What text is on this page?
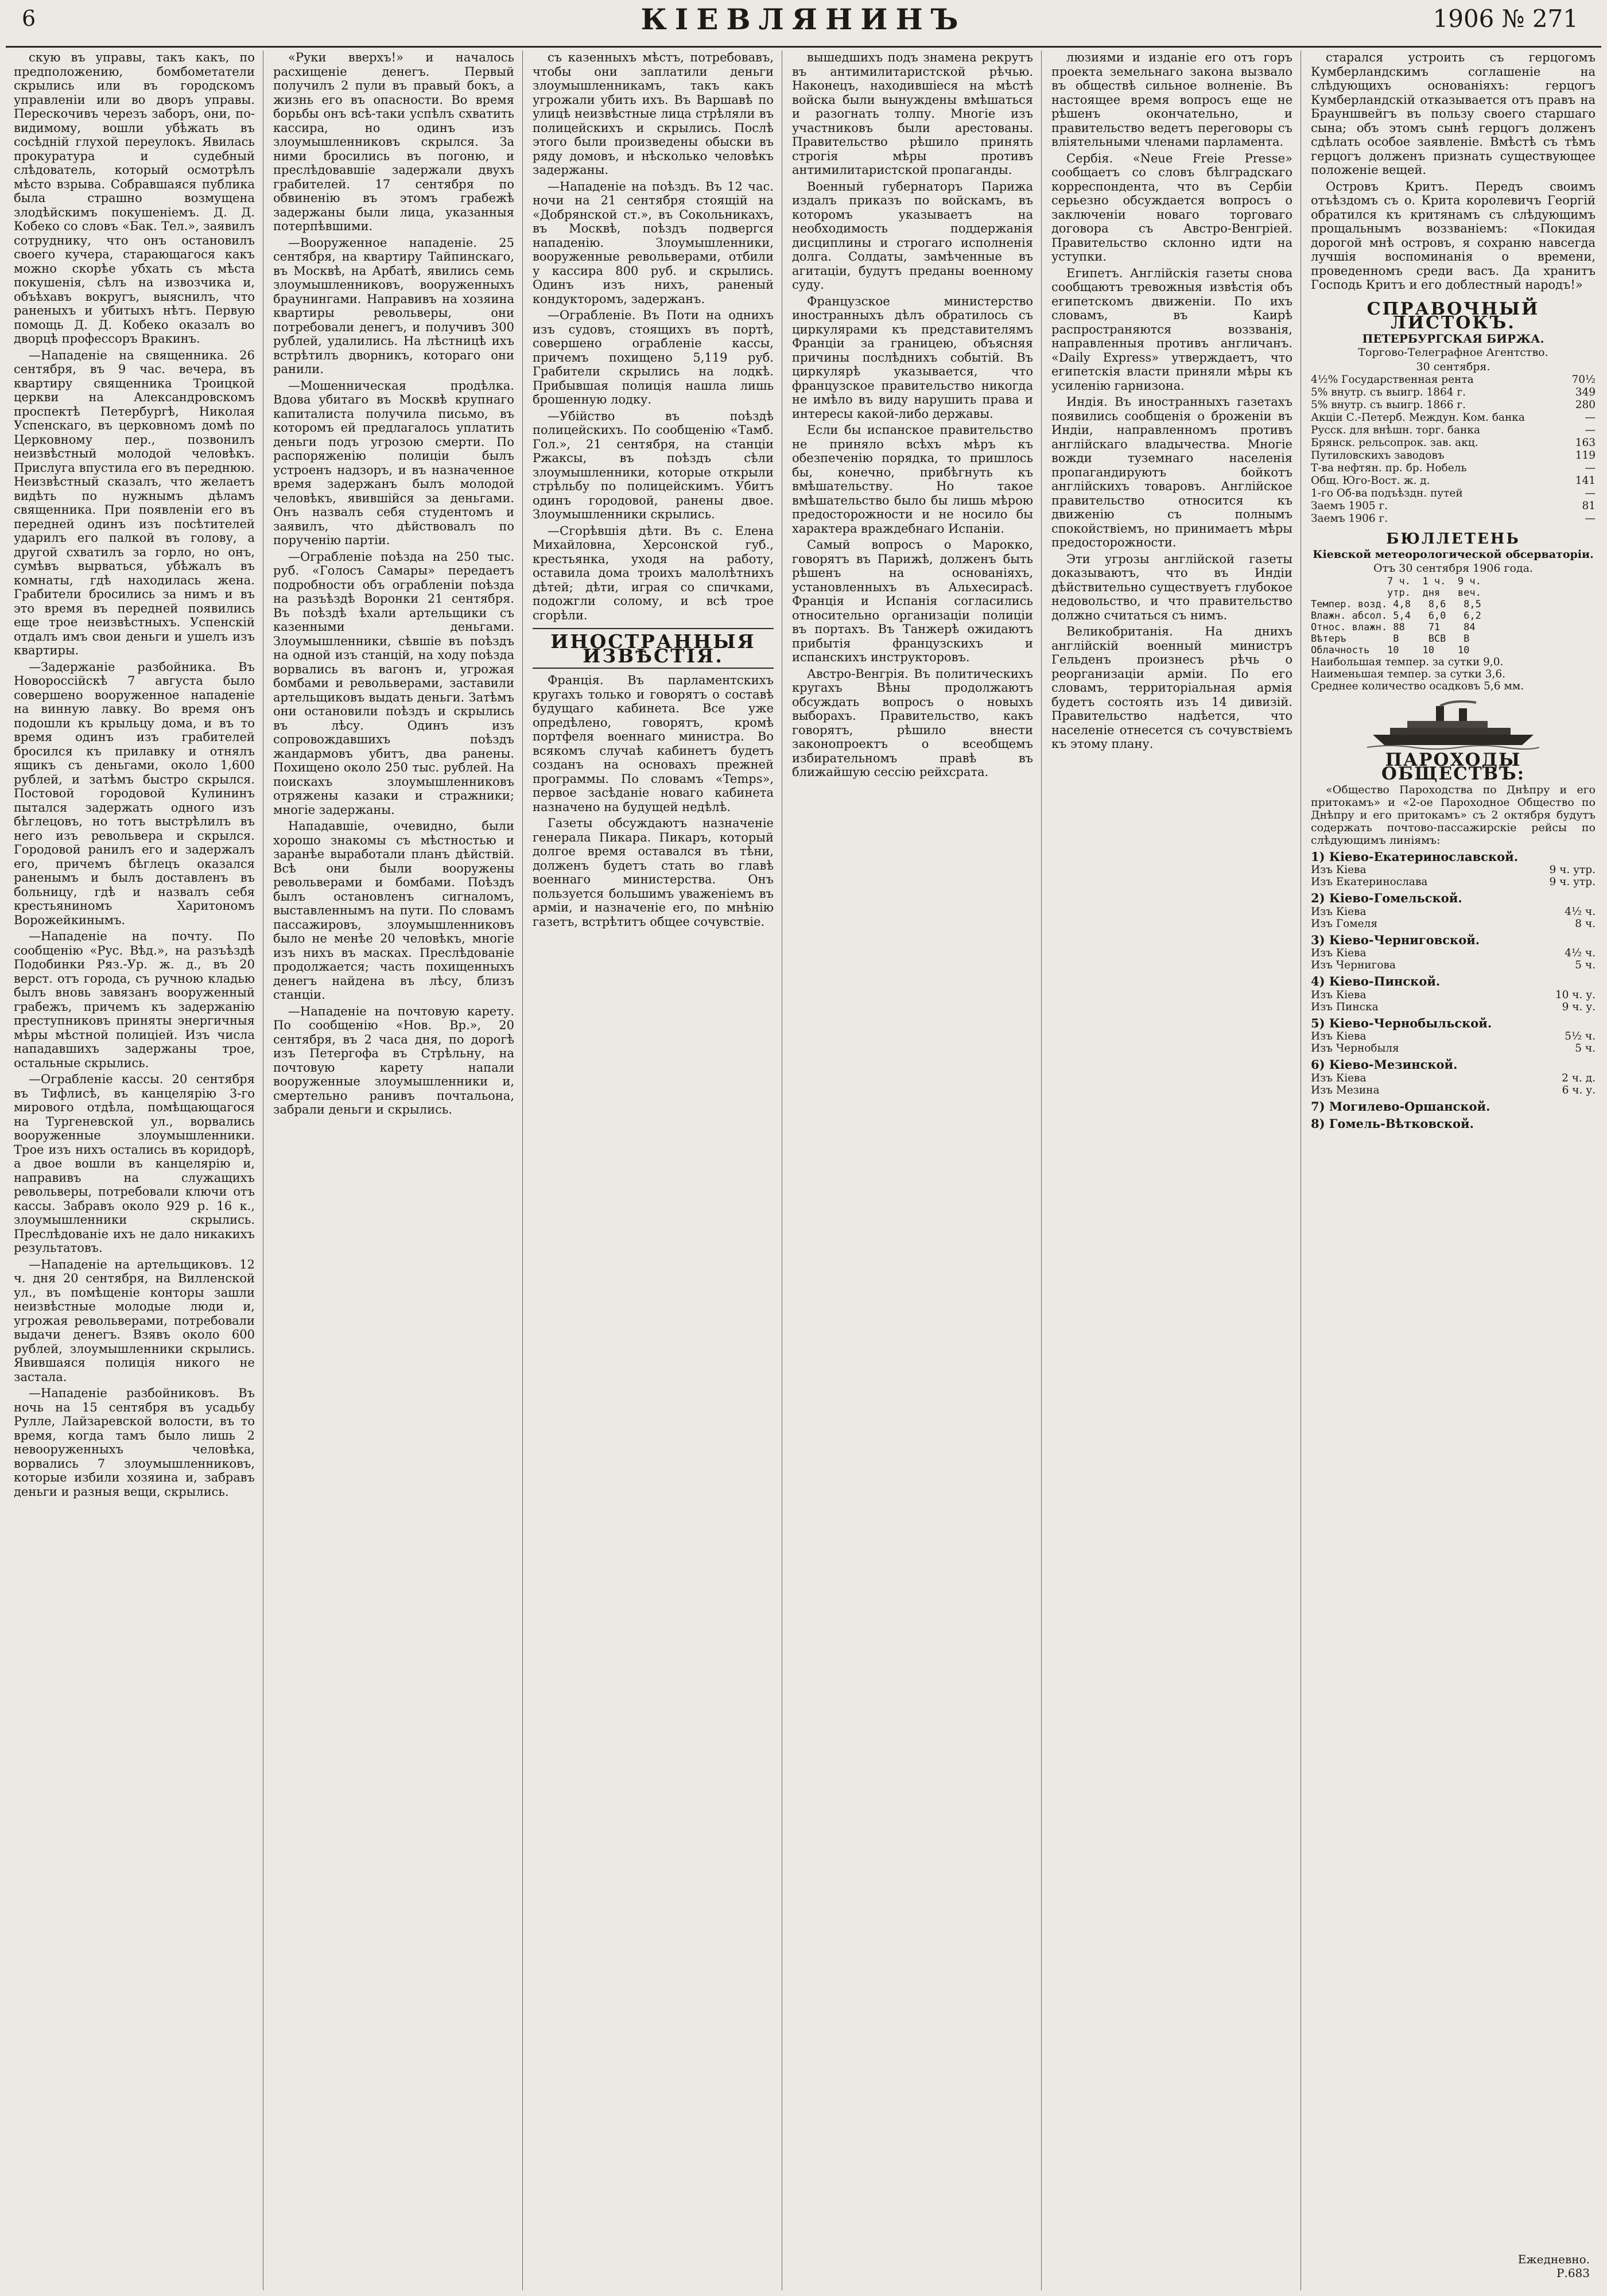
6	КІЕВЛЯНИНЪ	1906 № 271

скую въ управы, такъ какъ, по предположению, бомбометатели скрылись или въ городскомъ управленіи или во дворъ управы. Перескочивъ черезъ заборъ, они, по-видимому, вошли убѣжать въ сосѣдній глухой переулокъ. Явилась прокуратура и судебный слѣдователь, который осмотрѣлъ мѣсто взрыва. Собравшаяся публика была страшно возмущена злодѣйскимъ покушеніемъ. Д. Д. Кобеко со словъ «Бак. Тел.», заявилъ сотруднику, что онъ остановилъ своего кучера, старающагося какъ можно скорѣе убхать съ мѣста покушенія, сѣлъ на извозчика и, объѣхавъ вокругъ, выяснилъ, что раненыхъ и убитыхъ нѣтъ. Первую помощь Д. Д. Кобеко оказалъ во дворцѣ профессоръ Вракинъ.

—Нападеніе на священника. 26 сентября, въ 9 час. вечера, въ квартиру священника Троицкой церкви на Александровскомъ проспектѣ Петербургѣ, Николая Успенскаго, въ церковномъ домѣ по Церковному пер., позвонилъ неизвѣстный молодой человѣкъ. Прислуга впустила его въ переднюю. Неизвѣстный сказалъ, что желаетъ видѣть по нужнымъ дѣламъ священника. При появленіи его въ передней одинъ изъ посѣтителей ударилъ его палкой въ голову, а другой схватилъ за горло, но онъ, сумѣвъ вырваться, убѣжалъ въ комнаты, гдѣ находилась жена. Грабители бросились за нимъ и въ это время въ передней появились еще трое неизвѣстныхъ. Успенскій отдалъ имъ свои деньги и ушелъ изъ квартиры.

—Задержаніе разбойника. Въ Новороссійскѣ 7 августа было совершено вооруженное нападеніе на винную лавку. Во время онъ подошли къ крыльцу дома, и въ то время одинъ изъ грабителей бросился къ прилавку и отнялъ ящикъ съ деньгами, около 1,600 рублей, и затѣмъ быстро скрылся. Постовой городовой Кулининъ пытался задержать одного изъ бѣглецовъ, но тотъ выстрѣлилъ въ него изъ револьвера и скрылся. Городовой ранилъ его и задержалъ его, причемъ бѣглецъ оказался раненымъ и былъ доставленъ въ больницу, гдѣ и назвалъ себя крестьяниномъ Харитономъ Ворожейкинымъ.

—Нападеніе на почту. По сообщенію «Рус. Вѣд.», на разъѣздѣ Подобинки Ряз.-Ур. ж. д., въ 20 верст. отъ города, съ ручною кладью былъ вновь завязанъ вооруженный грабежъ, причемъ къ задержанію преступниковъ приняты энергичныя мѣры мѣстной полиціей. Изъ числа нападавшихъ задержаны трое, остальные скрылись.

—Ограбленіе кассы. 20 сентября въ Тифлисѣ, въ канцелярію 3-го мирового отдѣла, помѣщающагося на Тургеневской ул., ворвались вооруженные злоумышленники. Трое изъ нихъ остались въ коридорѣ, а двое вошли въ канцелярію и, направивъ на служащихъ револьверы, потребовали ключи отъ кассы. Забравъ около 929 р. 16 к., злоумышленники скрылись. Преслѣдованіе ихъ не дало никакихъ результатовъ.

—Нападеніе на артельщиковъ. 12 ч. дня 20 сентября, на Вилленской ул., въ помѣщеніе конторы зашли неизвѣстные молодые люди и, угрожая револьверами, потребовали выдачи денегъ. Взявъ около 600 рублей, злоумышленники скрылись. Явившаяся полиція никого не застала.

—Нападеніе разбойниковъ. Въ ночь на 15 сентября въ усадьбу Рулле, Лайзаревской волости, въ то время, когда тамъ было лишь 2 невооруженныхъ человѣка, ворвались 7 злоумышленниковъ, которые избили хозяина и, забравъ деньги и разныя вещи, скрылись.

«Руки вверхъ!» и началось расхищеніе денегъ. Первый получилъ 2 пули въ правый бокъ, а жизнь его въ опасности. Во время борьбы онъ всѣ-таки успѣлъ схватить кассира, но одинъ изъ злоумышленниковъ скрылся. За ними бросились въ погоню, и преслѣдовавшіе задержали двухъ грабителей. 17 сентября по обвиненію въ этомъ грабежѣ задержаны были лица, указанныя потерпѣвшими.

—Вооруженное нападеніе. 25 сентября, на квартиру Тайпинскаго, въ Москвѣ, на Арбатѣ, явились семь злоумышленниковъ, вооруженныхъ браунингами. Направивъ на хозяина квартиры револьверы, они потребовали денегъ, и получивъ 300 рублей, удалились. На лѣстницѣ ихъ встрѣтилъ дворникъ, котораго они ранили.

—Мошенническая продѣлка. Вдова убитаго въ Москвѣ крупнаго капиталиста получила письмо, въ которомъ ей предлагалось уплатить деньги подъ угрозою смерти. По распоряженію полиціи былъ устроенъ надзоръ, и въ назначенное время задержанъ былъ молодой человѣкъ, явившійся за деньгами. Онъ назвалъ себя студентомъ и заявилъ, что дѣйствовалъ по порученію партіи.

—Ограбленіе поѣзда на 250 тыс. руб. «Голосъ Самары» передаетъ подробности объ ограбленіи поѣзда на разъѣздѣ Воронки 21 сентября. Въ поѣздѣ ѣхали артельщики съ казенными деньгами. Злоумышленники, сѣвшіе въ поѣздъ на одной изъ станцій, на ходу поѣзда ворвались въ вагонъ и, угрожая бомбами и револьверами, заставили артельщиковъ выдать деньги. Затѣмъ они остановили поѣздъ и скрылись въ лѣсу. Одинъ изъ сопровождавшихъ поѣздъ жандармовъ убитъ, два ранены. Похищено около 250 тыс. рублей. На поискахъ злоумышленниковъ отряжены казаки и стражники; многіе задержаны.

Нападавшіе, очевидно, были хорошо знакомы съ мѣстностью и заранѣе выработали планъ дѣйствій. Всѣ они были вооружены револьверами и бомбами. Поѣздъ былъ остановленъ сигналомъ, выставленнымъ на пути. По словамъ пассажировъ, злоумышленниковъ было не менѣе 20 человѣкъ, многіе изъ нихъ въ масках. Преслѣдованіе продолжается; часть похищенныхъ денегъ найдена въ лѣсу, близъ станціи.

—Нападеніе на почтовую карету. По сообщенію «Нов. Вр.», 20 сентября, въ 2 часа дня, по дорогѣ изъ Петергофа въ Стрѣльну, на почтовую карету напали вооруженные злоумышленники и, смертельно ранивъ почтальона, забрали деньги и скрылись.

съ казенныхъ мѣстъ, потребовавъ, чтобы они заплатили деньги злоумышленникамъ, такъ какъ угрожали убить ихъ. Въ Варшавѣ по улицѣ неизвѣстные лица стрѣляли въ полицейскихъ и скрылись. Послѣ этого были произведены обыски въ ряду домовъ, и нѣсколько человѣкъ задержаны.

—Нападеніе на поѣздъ. Въ 12 час. ночи на 21 сентября стоящій на «Добрянской ст.», въ Сокольникахъ, въ Москвѣ, поѣздъ подвергся нападенію. Злоумышленники, вооруженные револьверами, отбили у кассира 800 руб. и скрылись. Одинъ изъ нихъ, раненый кондукторомъ, задержанъ.

—Ограбленіе. Въ Поти на однихъ изъ судовъ, стоящихъ въ портѣ, совершено ограбленіе кассы, причемъ похищено 5,119 руб. Грабители скрылись на лодкѣ. Прибывшая полиція нашла лишь брошенную лодку.

—Убійство въ поѣздѣ полицейскихъ. По сообщенію «Тамб. Гол.», 21 сентября, на станціи Ржаксы, въ поѣздъ сѣли злоумышленники, которые открыли стрѣльбу по полицейскимъ. Убитъ одинъ городовой, ранены двое. Злоумышленники скрылись.

—Сгорѣвшія дѣти. Въ с. Елена Михайловна, Херсонской губ., крестьянка, уходя на работу, оставила дома троихъ малолѣтнихъ дѣтей; дѣти, играя со спичками, подожгли солому, и всѣ трое сгорѣли.

ИНОСТРАННЫЯ ИЗВѢСТІЯ.

Франція. Въ парламентскихъ кругахъ только и говорятъ о составѣ будущаго кабинета. Все уже опредѣлено, говорятъ, кромѣ портфеля военнаго министра. Во всякомъ случаѣ кабинетъ будетъ созданъ на основахъ прежней программы. По словамъ «Temps», первое засѣданіе новаго кабинета назначено на будущей недѣлѣ.

Газеты обсуждаютъ назначеніе генерала Пикара. Пикаръ, который долгое время оставался въ тѣни, долженъ будетъ стать во главѣ военнаго министерства. Онъ пользуется большимъ уваженіемъ въ арміи, и назначеніе его, по мнѣнію газетъ, встрѣтитъ общее сочувствіе.

вышедшихъ подъ знамена рекрутъ въ антимилитаристской рѣчью. Наконецъ, находившіеся на мѣстѣ войска были вынуждены вмѣшаться и разогнать толпу. Многіе изъ участниковъ были арестованы. Правительство рѣшило принять строгія мѣры противъ антимилитаристской пропаганды.

Военный губернаторъ Парижа издалъ приказъ по войскамъ, въ которомъ указываетъ на необходимость поддержанія дисциплины и строгаго исполненія долга. Солдаты, замѣченные въ агитаціи, будутъ преданы военному суду.

Французское министерство иностранныхъ дѣлъ обратилось съ циркулярами къ представителямъ Франціи за границею, объясняя причины послѣднихъ событій. Въ циркулярѣ указывается, что французское правительство никогда не имѣло въ виду нарушить права и интересы какой-либо державы.

Если бы испанское правительство не приняло всѣхъ мѣръ къ обезпеченію порядка, то пришлось бы, конечно, прибѣгнуть къ вмѣшательству. Но такое вмѣшательство было бы лишь мѣрою предосторожности и не носило бы характера враждебнаго Испаніи.

Самый вопросъ о Марокко, говорятъ въ Парижѣ, долженъ быть рѣшенъ на основаніяхъ, установленныхъ въ Альхесирасѣ. Франція и Испанія согласились относительно организаціи полиціи въ портахъ. Въ Танжерѣ ожидаютъ прибытія французскихъ и испанскихъ инструкторовъ.

Австро-Венгрія. Въ политическихъ кругахъ Вѣны продолжаютъ обсуждать вопросъ о новыхъ выборахъ. Правительство, какъ говорятъ, рѣшило внести законопроектъ о всеобщемъ избирательномъ правѣ въ ближайшую сессію рейхсрата.

люзиями и изданіе его отъ горъ проекта земельнаго закона вызвало въ обществѣ сильное волненіе. Въ настоящее время вопросъ еще не рѣшенъ окончательно, и правительство ведетъ переговоры съ вліятельными членами парламента.

Сербія. «Neue Freie Presse» сообщаетъ со словъ бѣлградскаго корреспондента, что въ Сербіи серьезно обсуждается вопросъ о заключеніи новаго торговаго договора съ Австро-Венгріей. Правительство склонно идти на уступки.

Египетъ. Англійскія газеты снова сообщаютъ тревожныя извѣстія объ египетскомъ движеніи. По ихъ словамъ, въ Каирѣ распространяются воззванія, направленныя противъ англичанъ. «Daily Express» утверждаетъ, что египетскія власти приняли мѣры къ усиленію гарнизона.

Индія. Въ иностранныхъ газетахъ появились сообщенія о броженіи въ Индіи, направленномъ противъ англійскаго владычества. Многіе вожди туземнаго населенія пропагандируютъ бойкотъ англійскихъ товаровъ. Англійское правительство относится къ движенію съ полнымъ спокойствіемъ, но принимаетъ мѣры предосторожности.

Эти угрозы англійской газеты доказываютъ, что въ Индіи дѣйствительно существуетъ глубокое недовольство, и что правительство должно считаться съ нимъ.

Великобританія. На днихъ англійскій военный министръ Гельденъ произнесъ рѣчь о реорганизаціи арміи. По его словамъ, территоріальная армія будетъ состоять изъ 14 дивизій. Правительство надѣется, что населеніе отнесется съ сочувствіемъ къ этому плану.

старался устроить съ герцогомъ Кумберландскимъ соглашеніе на слѣдующихъ основаніяхъ: герцогъ Кумберландскій отказывается отъ правъ на Брауншвейгъ въ пользу своего старшаго сына; объ этомъ сынѣ герцогъ долженъ сдѣлать особое заявленіе. Вмѣстѣ съ тѣмъ герцогъ долженъ признать существующее положеніе вещей.

Островъ Критъ. Передъ своимъ отъѣздомъ съ о. Крита королевичъ Георгій обратился къ критянамъ съ слѣдующимъ прощальнымъ воззваніемъ: «Покидая дорогой мнѣ островъ, я сохраню навсегда лучшія воспоминанія о времени, проведенномъ среди васъ. Да хранитъ Господь Критъ и его доблестный народъ!»

СПРАВОЧНЫЙ ЛИСТОКЪ.
ПЕТЕРБУРГСКАЯ БИРЖА.
Торгово-Телеграфное Агентство.
30 сентября.
4½% Государственная рента	70½
5% внутр. съ выигр. 1864 г.	349
5% внутр. съ выигр. 1866 г.	280
Акціи С.-Петерб. Междун. Ком. банка	—
Русск. для внѣшн. торг. банка	—
Брянск. рельсопрок. зав. акц.	163
Путиловскихъ заводовъ	119
Т-ва нефтян. пр. бр. Нобель	—
Общ. Юго-Вост. ж. д.	141
1-го Об-ва подъѣздн. путей	—
Заемъ 1905 г.	81
Заемъ 1906 г.	—
БЮЛЛЕТЕНЬ
Кіевской метеорологической обсерваторіи.
Отъ 30 сентября 1906 года.
7 ч.  1 ч.  9 ч.
утр.  дня   веч.
Темпер. возд. 4,8   8,6   8,5
Влажн. абсол. 5,4   6,0   6,2
Относ. влажн. 88    71    84
Вѣтеръ        В     ВСВ   В
Облачность   10    10    10
Наибольшая темпер. за сутки 9,0.
Наименьшая темпер. за сутки 3,6.
Среднее количество осадковъ 5,6 мм.
ПАРОХОДЫ ОБЩЕСТВЪ:

«Общество Пароходства по Днѣпру и его притокамъ» и «2-ое Пароходное Общество по Днѣпру и его притокамъ» съ 2 октября будутъ содержать почтово-пассажирскіе рейсы по слѣдующимъ линіямъ:

1) Кіево-Екатеринославской.
Изъ Кіева	9 ч. утр.
Изъ Екатеринослава	9 ч. утр.
2) Кіево-Гомельской.
Изъ Кіева	4½ ч.
Изъ Гомеля	8 ч.
3) Кіево-Черниговской.
Изъ Кіева	4½ ч.
Изъ Чернигова	5 ч.
4) Кіево-Пинской.
Изъ Кіева	10 ч. у.
Изъ Пинска	9 ч. у.
5) Кіево-Чернобыльской.
Изъ Кіева	5½ ч.
Изъ Чернобыля	5 ч.
6) Кіево-Мезинской.
Изъ Кіева	2 ч. д.
Изъ Мезина	6 ч. у.
7) Могилево-Оршанской.
8) Гомель-Вѣтковской.
Ежедневно.
Р.683
